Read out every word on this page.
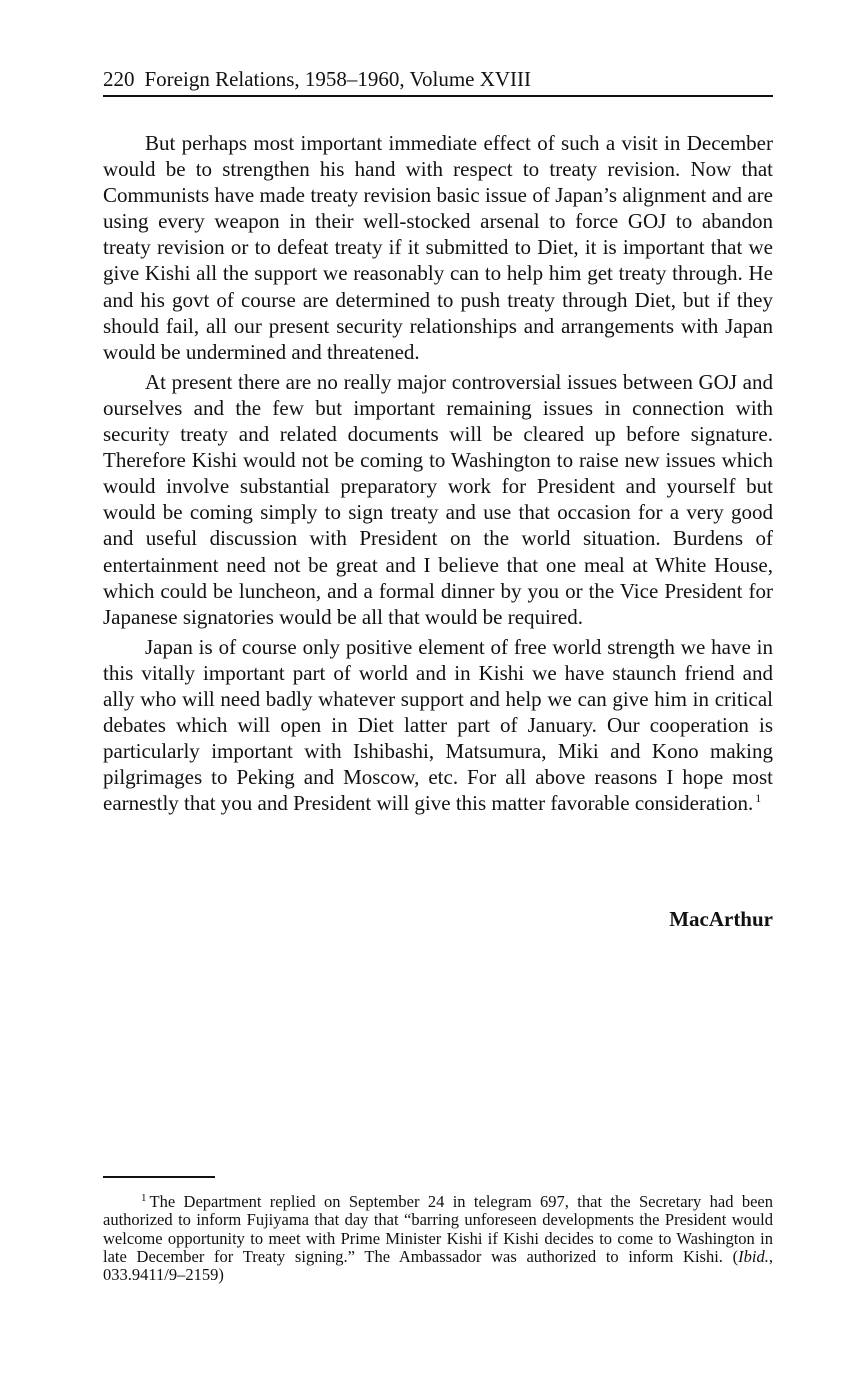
220 Foreign Relations, 1958–1960, Volume XVIII

But perhaps most important immediate effect of such a visit in December would be to strengthen his hand with respect to treaty revision. Now that Communists have made treaty revision basic issue of Japan’s alignment and are using every weapon in their well-stocked arsenal to force GOJ to abandon treaty revision or to defeat treaty if it submitted to Diet, it is important that we give Kishi all the support we reasonably can to help him get treaty through. He and his govt of course are determined to push treaty through Diet, but if they should fail, all our present security relationships and arrangements with Japan would be undermined and threatened.

At present there are no really major controversial issues between GOJ and ourselves and the few but important remaining issues in connection with security treaty and related documents will be cleared up before signature. Therefore Kishi would not be coming to Washington to raise new issues which would involve substantial preparatory work for President and yourself but would be coming simply to sign treaty and use that occasion for a very good and useful discussion with President on the world situation. Burdens of entertainment need not be great and I believe that one meal at White House, which could be luncheon, and a formal dinner by you or the Vice President for Japanese signatories would be all that would be required.

Japan is of course only positive element of free world strength we have in this vitally important part of world and in Kishi we have staunch friend and ally who will need badly whatever support and help we can give him in critical debates which will open in Diet latter part of January. Our cooperation is particularly important with Ishibashi, Matsumura, Miki and Kono making pilgrimages to Peking and Moscow, etc. For all above reasons I hope most earnestly that you and President will give this matter favorable consideration. $^1$

MacArthur
$^1$ The Department replied on September 24 in telegram 697, that the Secretary had been authorized to inform Fujiyama that day that “barring unforeseen developments the President would welcome opportunity to meet with Prime Minister Kishi if Kishi decides to come to Washington in late December for Treaty signing.” The Ambassador was authorized to inform Kishi. (Ibid., 033.9411/9–2159)
